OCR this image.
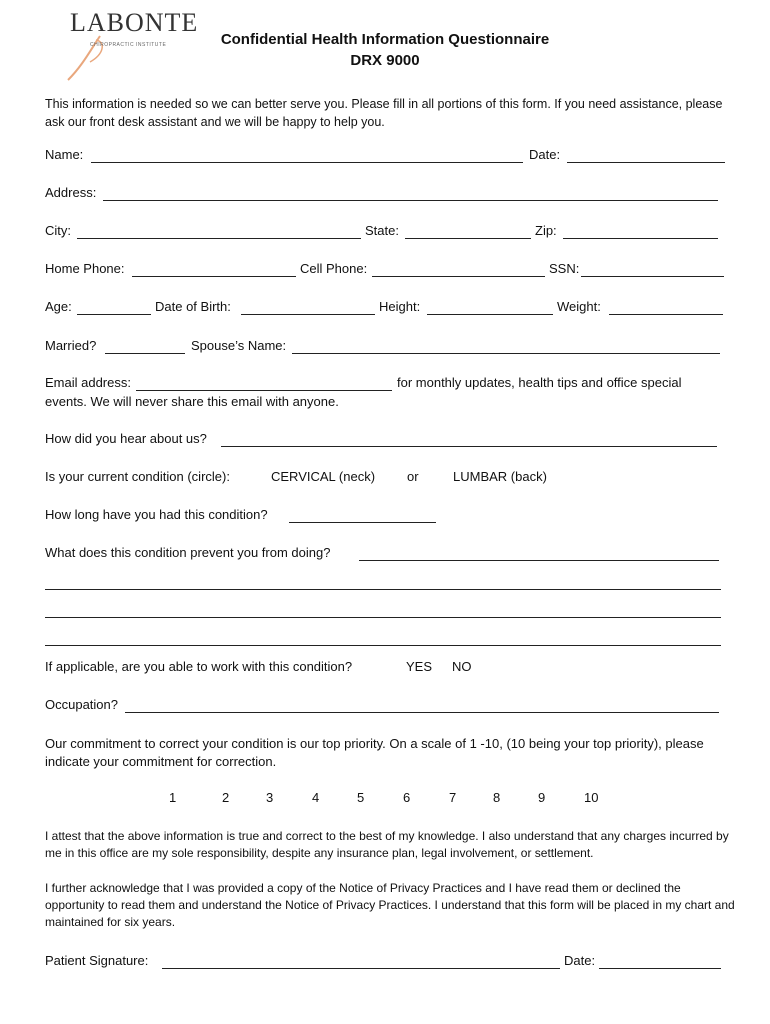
LABONTE
CHIROPRACTIC INSTITUTE	Confidential Health Information Questionnaire
DRX 9000
This information is needed so we can better serve you. Please fill in all portions of this form. If you need assistance, please ask our front desk assistant and we will be happy to help you.
Name:	Date:
Address:
City:	State:	Zip:
Home Phone:	Cell Phone:	SSN:
Age:	Date of Birth:	Height:	Weight:
Married?	Spouse’s Name:
Email address:	for monthly updates, health tips and office special
events. We will never share this email with anyone.
How did you hear about us?
Is your current condition (circle):	CERVICAL (neck) or	LUMBAR (back)
How long have you had this condition?
What does this condition prevent you from doing?
If applicable, are you able to work with this condition?	YES NO
Occupation?
Our commitment to correct your condition is our top priority. On a scale of 1 -10, (10 being your top priority), please indicate your commitment for correction.
1	2	3	4	5	6	7	8	9	10
I attest that the above information is true and correct to the best of my knowledge. I also understand that any charges incurred by me in this office are my sole responsibility, despite any insurance plan, legal involvement, or settlement.
I further acknowledge that I was provided a copy of the Notice of Privacy Practices and I have read them or declined the opportunity to read them and understand the Notice of Privacy Practices. I understand that this form will be placed in my chart and maintained for six years.
Patient Signature:	Date:
